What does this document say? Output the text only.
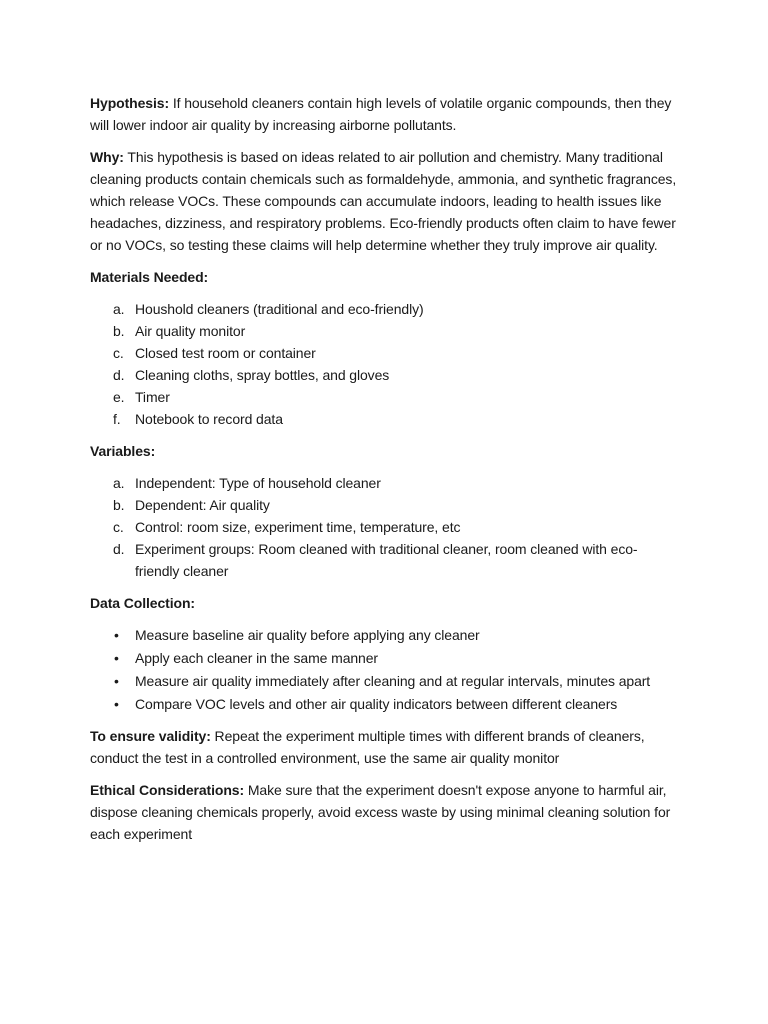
Hypothesis: If household cleaners contain high levels of volatile organic compounds, then they will lower indoor air quality by increasing airborne pollutants.

Why: This hypothesis is based on ideas related to air pollution and chemistry. Many traditional cleaning products contain chemicals such as formaldehyde, ammonia, and synthetic fragrances, which release VOCs. These compounds can accumulate indoors, leading to health issues like headaches, dizziness, and respiratory problems. Eco-friendly products often claim to have fewer or no VOCs, so testing these claims will help determine whether they truly improve air quality.

Materials Needed:
a. Houshold cleaners (traditional and eco-friendly)
b. Air quality monitor
c. Closed test room or container
d. Cleaning cloths, spray bottles, and gloves
e. Timer
f. Notebook to record data
Variables:
a. Independent: Type of household cleaner
b. Dependent: Air quality
c. Control: room size, experiment time, temperature, etc
d. Experiment groups: Room cleaned with traditional cleaner, room cleaned with eco-friendly cleaner
Data Collection:
• Measure baseline air quality before applying any cleaner
• Apply each cleaner in the same manner
• Measure air quality immediately after cleaning and at regular intervals, minutes apart
• Compare VOC levels and other air quality indicators between different cleaners

To ensure validity: Repeat the experiment multiple times with different brands of cleaners, conduct the test in a controlled environment, use the same air quality monitor

Ethical Considerations: Make sure that the experiment doesn't expose anyone to harmful air, dispose cleaning chemicals properly, avoid excess waste by using minimal cleaning solution for each experiment
